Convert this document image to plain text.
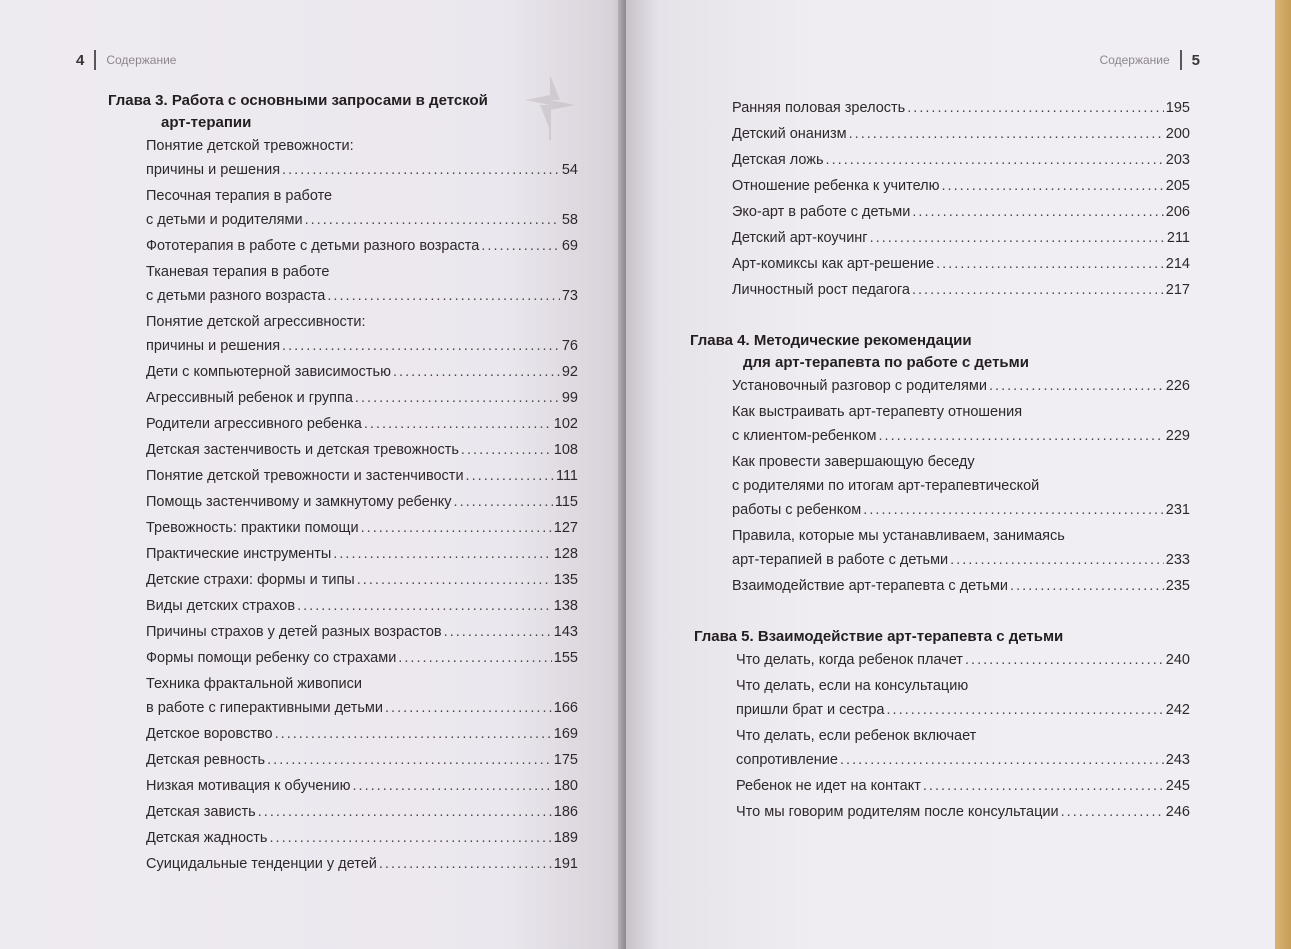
4 Содержание
Глава 3. Работа с основными запросами в детской
арт-терапии
Понятие детской тревожности:
причины и решения . . .	54
Песочная терапия в работе
с детьми и родителями . . .	58
Фототерапия в работе с детьми разного возраста . . .	69
Тканевая терапия в работе
с детьми разного возраста . . .	73
Понятие детской агрессивности:
причины и решения . . .	76
Дети с компьютерной зависимостью . . .	92
Агрессивный ребенок и группа . . .	99
Родители агрессивного ребенка . . .	102
Детская застенчивость и детская тревожность . . .	108
Понятие детской тревожности и застенчивости . . .	111
Помощь застенчивому и замкнутому ребенку . . .	115
Тревожность: практики помощи . . .	127
Практические инструменты . . .	128
Детские страхи: формы и типы . . .	135
Виды детских страхов . . .	138
Причины страхов у детей разных возрастов . . .	143
Формы помощи ребенку со страхами . . .	155
Техника фрактальной живописи
в работе с гиперактивными детьми . . .	166
Детское воровство . . .	169
Детская ревность . . .	175
Низкая мотивация к обучению . . .	180
Детская зависть . . .	186
Детская жадность . . .	189
Суицидальные тенденции у детей . . .	191
Содержание 5
Ранняя половая зрелость . . .	195
Детский онанизм . . .	200
Детская ложь . . .	203
Отношение ребенка к учителю . . .	205
Эко-арт в работе с детьми . . .	206
Детский арт-коучинг . . .	211
Арт-комиксы как арт-решение . . .	214
Личностный рост педагога . . .	217
Глава 4. Методические рекомендации
для арт-терапевта по работе с детьми
Установочный разговор с родителями . . .	226
Как выстраивать арт-терапевту отношения
с клиентом-ребенком . . .	229
Как провести завершающую беседу
с родителями по итогам арт-терапевтической
работы с ребенком . . .	231
Правила, которые мы устанавливаем, занимаясь
арт-терапией в работе с детьми . . .	233
Взаимодействие арт-терапевта с детьми . . .	235
Глава 5. Взаимодействие арт-терапевта с детьми
Что делать, когда ребенок плачет . . .	240
Что делать, если на консультацию
пришли брат и сестра . . .	242
Что делать, если ребенок включает
сопротивление . . .	243
Ребенок не идет на контакт . . .	245
Что мы говорим родителям после консультации . . .	246
